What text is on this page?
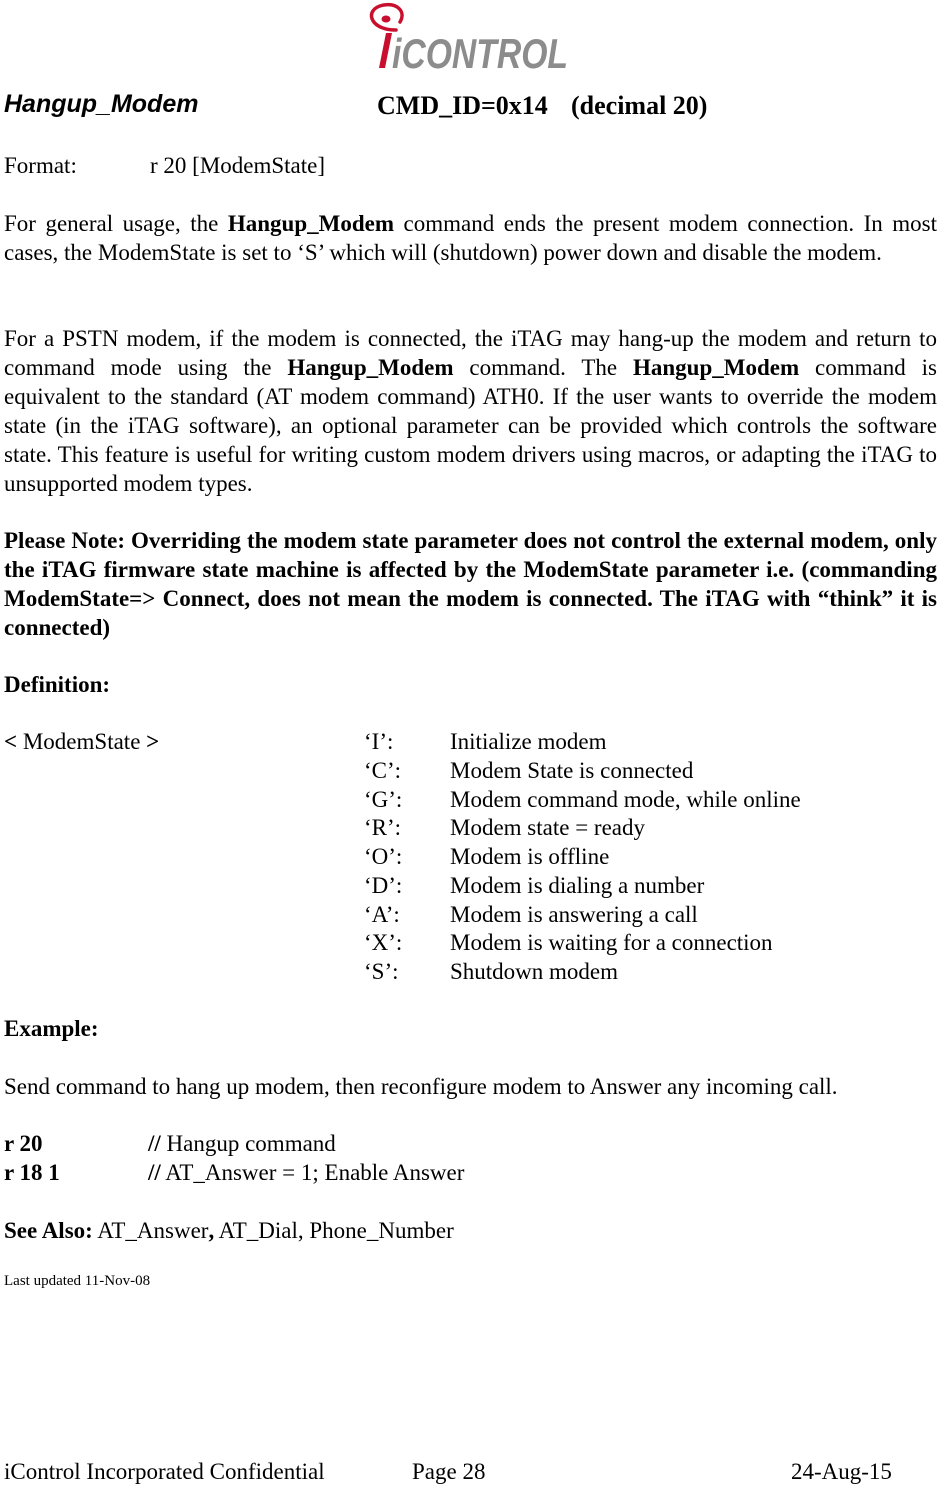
iCONTROL
Hangup_Modem	CMD_ID=0x14 (decimal 20)
Format:	r 20 [ModemState]

For general usage, the Hangup_Modem command ends the present modem connection. In most cases, the ModemState is set to ‘S’ which will (shutdown) power down and disable the modem.

For a PSTN modem, if the modem is connected, the iTAG may hang-up the modem and return to command mode using the Hangup_Modem command. The Hangup_Modem command is equivalent to the standard (AT modem command) ATH0. If the user wants to override the modem state (in the iTAG software), an optional parameter can be provided which controls the software state. This feature is useful for writing custom modem drivers using macros, or adapting the iTAG to unsupported modem types.

Please Note: Overriding the modem state parameter does not control the external modem, only the iTAG firmware state machine is affected by the ModemState parameter i.e. (commanding ModemState=> Connect, does not mean the modem is connected. The iTAG with “think” it is connected)

Definition:
< ModemState >	‘I’: Initialize modem
‘C’: Modem State is connected
‘G’: Modem command mode, while online
‘R’: Modem state = ready
‘O’: Modem is offline
‘D’: Modem is dialing a number
‘A’: Modem is answering a call
‘X’: Modem is waiting for a connection
‘S’: Shutdown modem
Example:
Send command to hang up modem, then reconfigure modem to Answer any incoming call.
r 20	// Hangup command
r 18 1	// AT_Answer = 1; Enable Answer
See Also: AT_Answer, AT_Dial, Phone_Number
Last updated 11-Nov-08
iControl Incorporated Confidential	Page 28	24-Aug-15
